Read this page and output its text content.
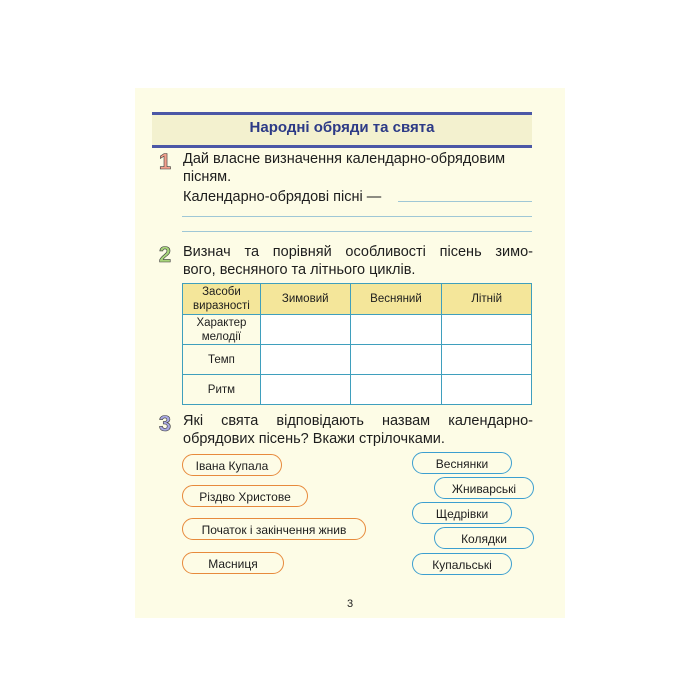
Народні обряди та свята
1 Дай власне визначення календарно-обрядовим
пісням.
Календарно-обрядові пісні —
2 Визнач та порівняй особливості пісень зимо-
вого, весняного та літнього циклів.
Засоби виразності	Зимовий	Весняний	Літній
Характер мелодії			
Темп			
Ритм			
3 Які свята відповідають назвам календарно-
обрядових пісень? Вкажи стрілочками.
Івана Купала
Різдво Христове
Початок і закінчення жнив
Масниця
Веснянки
Жниварські
Щедрівки
Колядки
Купальські
3
